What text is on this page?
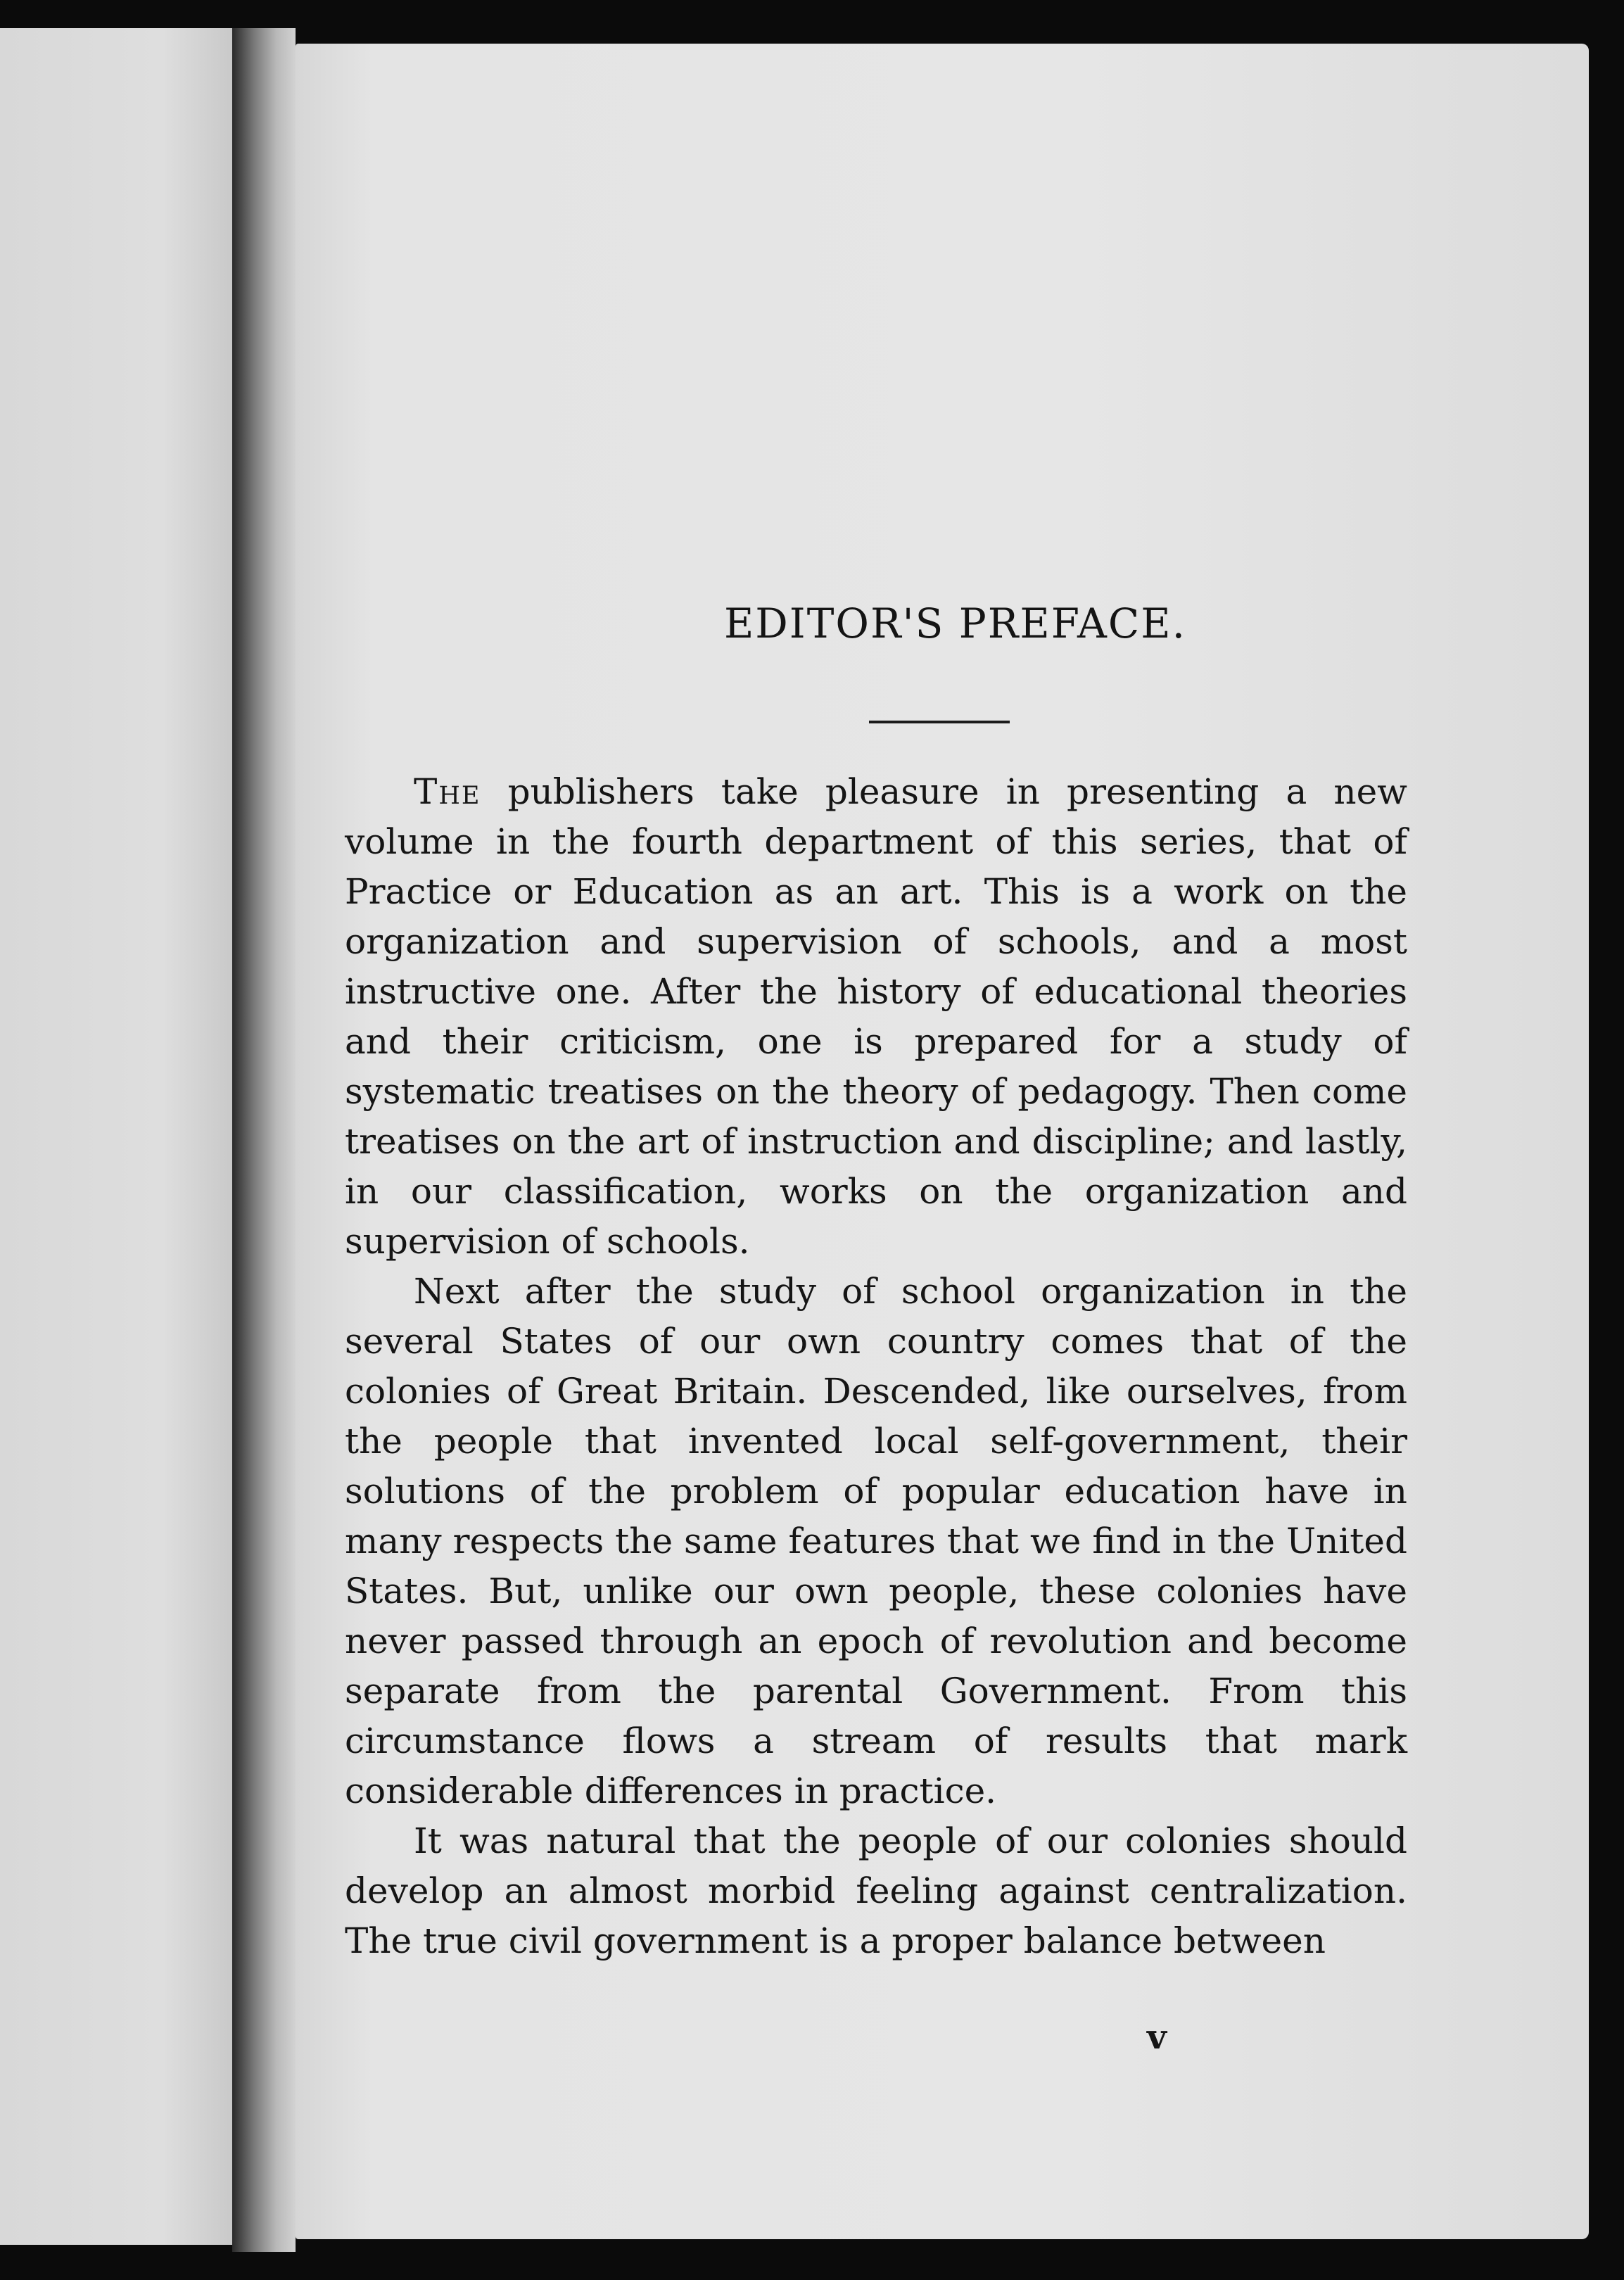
EDITOR'S PREFACE.

The publishers take pleasure in presenting a new volume in the fourth department of this series, that of Practice or Education as an art. This is a work on the organization and supervision of schools, and a most instructive one. After the history of educational theories and their criticism, one is prepared for a study of systematic treatises on the theory of pedagogy. Then come treatises on the art of instruction and discipline; and lastly, in our classification, works on the organization and supervision of schools.

Next after the study of school organization in the several States of our own country comes that of the colonies of Great Britain. Descended, like ourselves, from the people that invented local self-government, their solutions of the problem of popular education have in many respects the same features that we find in the United States. But, unlike our own people, these colonies have never passed through an epoch of revolution and become separate from the parental Government. From this circumstance flows a stream of results that mark considerable differences in practice.

It was natural that the people of our colonies should develop an almost morbid feeling against centralization. The true civil government is a proper balance between

v
